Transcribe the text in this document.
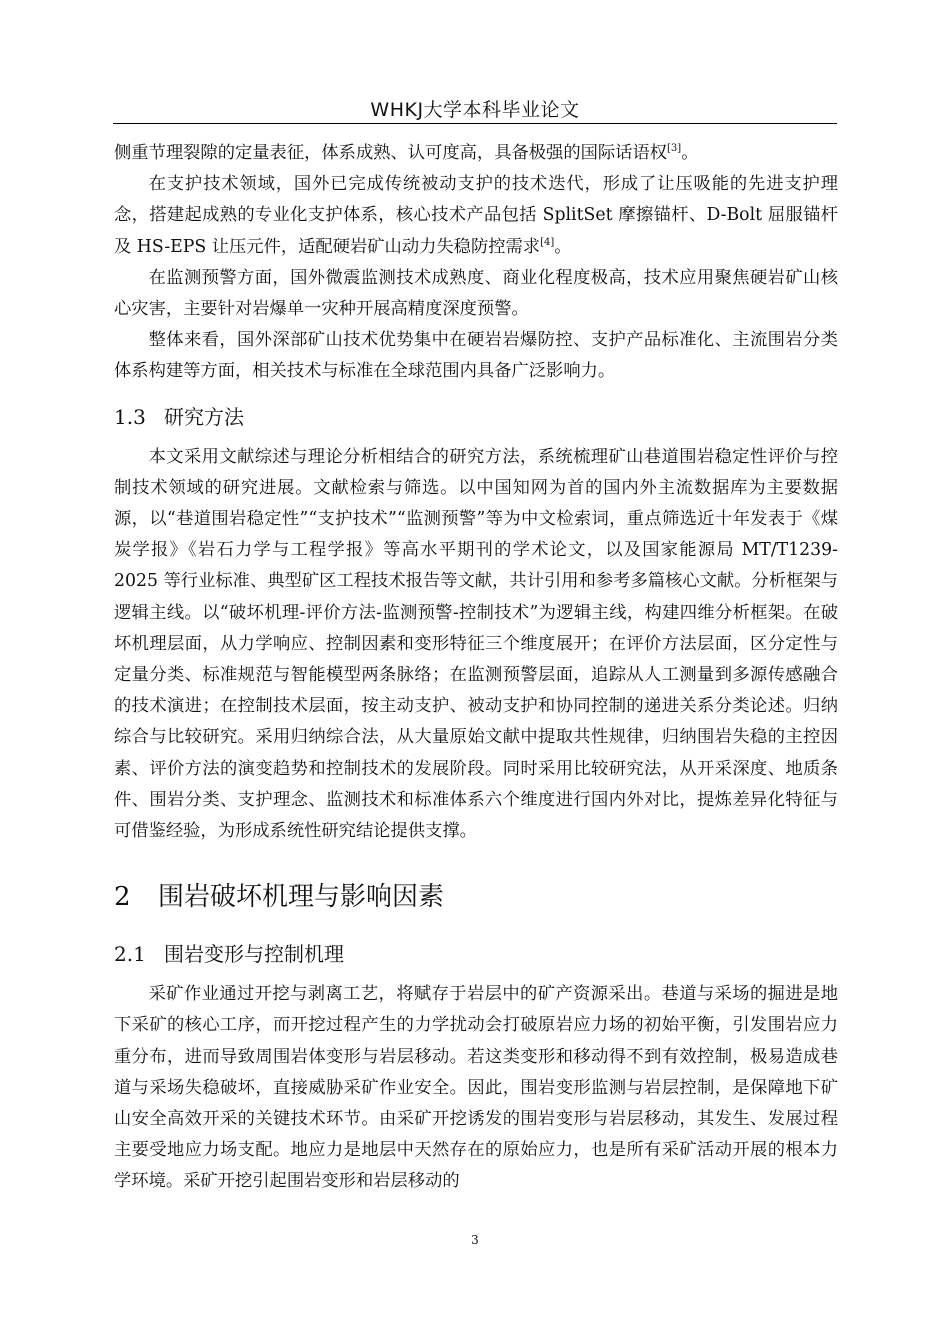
WHKJ大学本科毕业论文

侧重节理裂隙的定量表征，体系成熟、认可度高，具备极强的国际话语权[3]。

在支护技术领域，国外已完成传统被动支护的技术迭代，形成了让压吸能的先进支护理念，搭建起成熟的专业化支护体系，核心技术产品包括 SplitSet 摩擦锚杆、D-Bolt 屈服锚杆及 HS-EPS 让压元件，适配硬岩矿山动力失稳防控需求[4]。

在监测预警方面，国外微震监测技术成熟度、商业化程度极高，技术应用聚焦硬岩矿山核心灾害，主要针对岩爆单一灾种开展高精度深度预警。

整体来看，国外深部矿山技术优势集中在硬岩岩爆防控、支护产品标准化、主流围岩分类体系构建等方面，相关技术与标准在全球范围内具备广泛影响力。

1.3 研究方法

本文采用文献综述与理论分析相结合的研究方法，系统梳理矿山巷道围岩稳定性评价与控制技术领域的研究进展。文献检索与筛选。以中国知网为首的国内外主流数据库为主要数据源，以“巷道围岩稳定性”“支护技术”“监测预警”等为中文检索词，重点筛选近十年发表于《煤炭学报》《岩石力学与工程学报》等高水平期刊的学术论文，以及国家能源局 MT/T1239-2025 等行业标准、典型矿区工程技术报告等文献，共计引用和参考多篇核心文献。分析框架与逻辑主线。以“破坏机理-评价方法-监测预警-控制技术”为逻辑主线，构建四维分析框架。在破坏机理层面，从力学响应、控制因素和变形特征三个维度展开；在评价方法层面，区分定性与定量分类、标准规范与智能模型两条脉络；在监测预警层面，追踪从人工测量到多源传感融合的技术演进；在控制技术层面，按主动支护、被动支护和协同控制的递进关系分类论述。归纳综合与比较研究。采用归纳综合法，从大量原始文献中提取共性规律，归纳围岩失稳的主控因素、评价方法的演变趋势和控制技术的发展阶段。同时采用比较研究法，从开采深度、地质条件、围岩分类、支护理念、监测技术和标准体系六个维度进行国内外对比，提炼差异化特征与可借鉴经验，为形成系统性研究结论提供支撑。

2 围岩破坏机理与影响因素
2.1 围岩变形与控制机理

采矿作业通过开挖与剥离工艺，将赋存于岩层中的矿产资源采出。巷道与采场的掘进是地下采矿的核心工序，而开挖过程产生的力学扰动会打破原岩应力场的初始平衡，引发围岩应力重分布，进而导致周围岩体变形与岩层移动。若这类变形和移动得不到有效控制，极易造成巷道与采场失稳破坏，直接威胁采矿作业安全。因此，围岩变形监测与岩层控制，是保障地下矿山安全高效开采的关键技术环节。由采矿开挖诱发的围岩变形与岩层移动，其发生、发展过程主要受地应力场支配。地应力是地层中天然存在的原始应力，也是所有采矿活动开展的根本力学环境。采矿开挖引起围岩变形和岩层移动的

3
